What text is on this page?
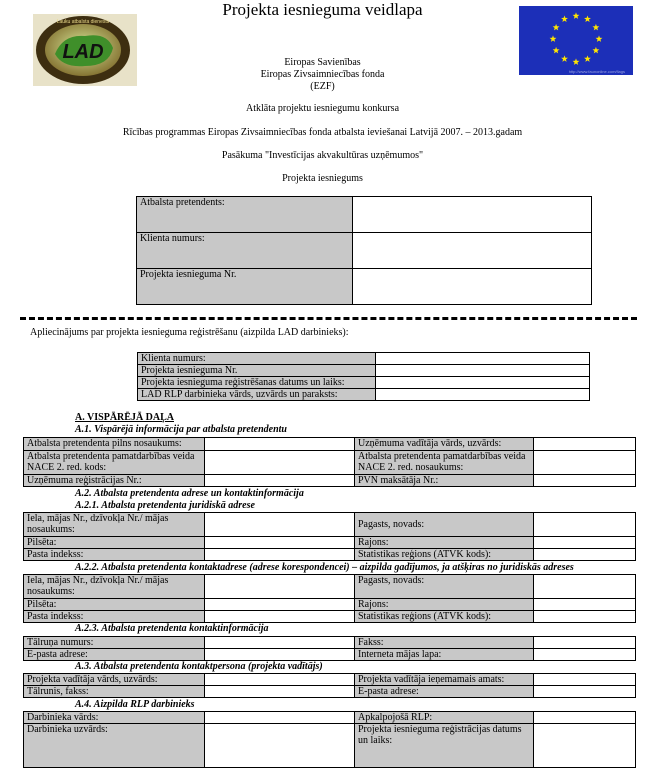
Projekta iesnieguma veidlapa
LAD
Lauku atbalsta dienests
http://www.faunonline.com/flags
Eiropas Savienības
Eiropas Zivsaimniecības fonda
(EZF)
Atklāta projektu iesniegumu konkursa
Rīcības programmas Eiropas Zivsaimniecības fonda atbalsta ieviešanai Latvijā 2007. – 2013.gadam
Pasākuma "Investīcijas akvakultūras uzņēmumos"
Projekta iesniegums
Atbalsta pretendents:	
Klienta numurs:	
Projekta iesnieguma Nr.	
Apliecinājums par projekta iesnieguma reģistrēšanu (aizpilda LAD darbinieks):
Klienta numurs:	
Projekta iesnieguma Nr.	
Projekta iesnieguma reģistrēšanas datums un laiks:	
LAD RLP darbinieka vārds, uzvārds un paraksts:	
A. VISPĀRĒJĀ DAĻA
A.1. Vispārējā informācija par atbalsta pretendentu
Atbalsta pretendenta pilns nosaukums:		Uzņēmuma vadītāja vārds, uzvārds:	
Atbalsta pretendenta pamatdarbības veida NACE 2. red. kods:		Atbalsta pretendenta pamatdarbības veida NACE 2. red. nosaukums:	
Uzņēmuma reģistrācijas Nr.:		PVN maksātāja Nr.:	
A.2. Atbalsta pretendenta adrese un kontaktinformācija
A.2.1. Atbalsta pretendenta juridiskā adrese
Iela, mājas Nr., dzīvokļa Nr./ mājas nosaukums:		Pagasts, novads:	
Pilsēta:		Rajons:	
Pasta indekss:		Statistikas reģions (ATVK kods):	
A.2.2. Atbalsta pretendenta kontaktadrese (adrese korespondencei) – aizpilda gadījumos, ja atšķiras no juridiskās adreses
Iela, mājas Nr., dzīvokļa Nr./ mājas nosaukums:		Pagasts, novads:	
Pilsēta:		Rajons:	
Pasta indekss:		Statistikas reģions (ATVK kods):	
A.2.3. Atbalsta pretendenta kontaktinformācija
Tālruņa numurs:		Fakss:	
E-pasta adrese:		Interneta mājas lapa:	
A.3. Atbalsta pretendenta kontaktpersona (projekta vadītājs)
Projekta vadītāja vārds, uzvārds:		Projekta vadītāja ieņemamais amats:	
Tālrunis, fakss:		E-pasta adrese:	
A.4. Aizpilda RLP darbinieks
Darbinieka vārds:		Apkalpojošā RLP:	
Darbinieka uzvārds:		Projekta iesnieguma reģistrācijas datums un laiks:	
